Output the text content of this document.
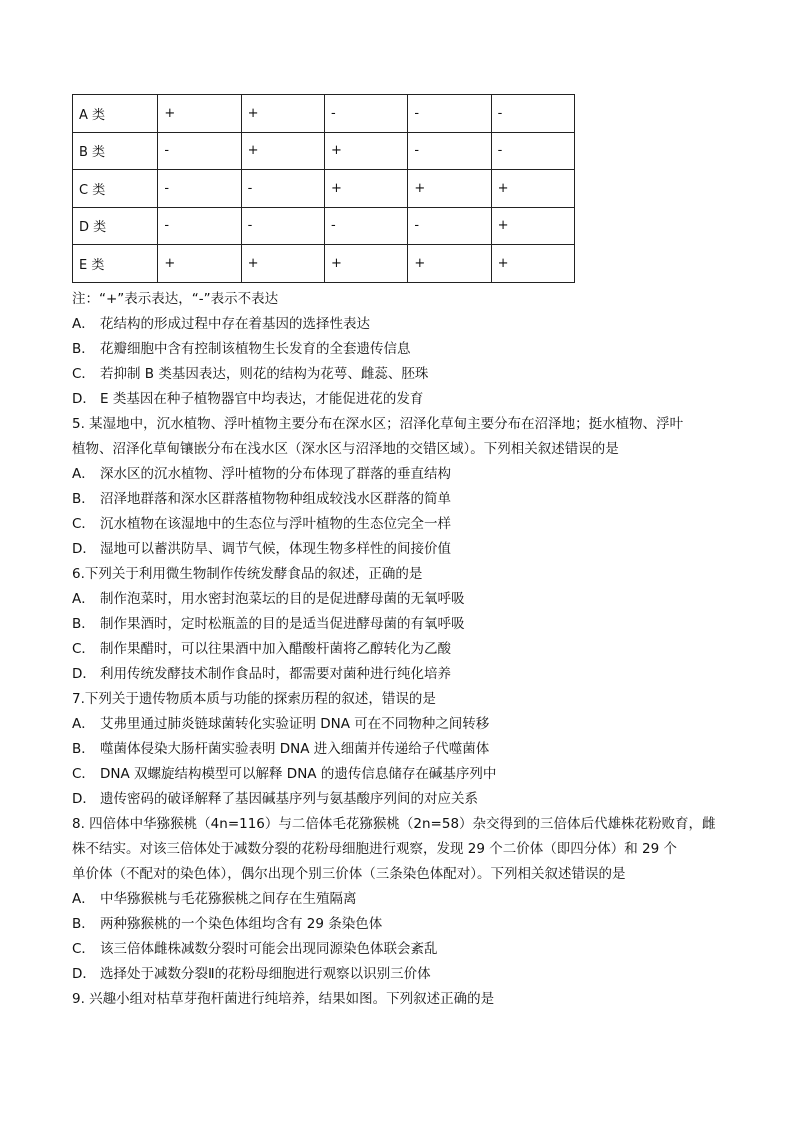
A 类	+	+	-	-	-
B 类	-	+	+	-	-
C 类	-	-	+	+	+
D 类	-	-	-	-	+
E 类	+	+	+	+	+
注：“+”表示表达，“-”表示不表达
A． 花结构的形成过程中存在着基因的选择性表达
B． 花瓣细胞中含有控制该植物生长发育的全套遗传信息
C． 若抑制 B 类基因表达，则花的结构为花萼、雌蕊、胚珠
D． E 类基因在种子植物器官中均表达，才能促进花的发育
5. 某湿地中，沉水植物、浮叶植物主要分布在深水区；沼泽化草甸主要分布在沼泽地；挺水植物、浮叶
植物、沼泽化草甸镶嵌分布在浅水区（深水区与沼泽地的交错区域）。下列相关叙述错误的是
A． 深水区的沉水植物、浮叶植物的分布体现了群落的垂直结构
B． 沼泽地群落和深水区群落植物物种组成较浅水区群落的简单
C． 沉水植物在该湿地中的生态位与浮叶植物的生态位完全一样
D． 湿地可以蓄洪防旱、调节气候，体现生物多样性的间接价值
6.下列关于利用微生物制作传统发酵食品的叙述，正确的是
A． 制作泡菜时，用水密封泡菜坛的目的是促进酵母菌的无氧呼吸
B． 制作果酒时，定时松瓶盖的目的是适当促进酵母菌的有氧呼吸
C． 制作果醋时，可以往果酒中加入醋酸杆菌将乙醇转化为乙酸
D． 利用传统发酵技术制作食品时，都需要对菌种进行纯化培养
7.下列关于遗传物质本质与功能的探索历程的叙述，错误的是
A． 艾弗里通过肺炎链球菌转化实验证明 DNA 可在不同物种之间转移
B． 噬菌体侵染大肠杆菌实验表明 DNA 进入细菌并传递给子代噬菌体
C． DNA 双螺旋结构模型可以解释 DNA 的遗传信息储存在碱基序列中
D． 遗传密码的破译解释了基因碱基序列与氨基酸序列间的对应关系
8. 四倍体中华猕猴桃（4n=116）与二倍体毛花猕猴桃（2n=58）杂交得到的三倍体后代雄株花粉败育，雌
株不结实。对该三倍体处于减数分裂的花粉母细胞进行观察，发现 29 个二价体（即四分体）和 29 个
单价体（不配对的染色体），偶尔出现个别三价体（三条染色体配对）。下列相关叙述错误的是
A． 中华猕猴桃与毛花猕猴桃之间存在生殖隔离
B． 两种猕猴桃的一个染色体组均含有 29 条染色体
C． 该三倍体雌株减数分裂时可能会出现同源染色体联会紊乱
D． 选择处于减数分裂Ⅱ的花粉母细胞进行观察以识别三价体
9. 兴趣小组对枯草芽孢杆菌进行纯培养，结果如图。下列叙述正确的是
